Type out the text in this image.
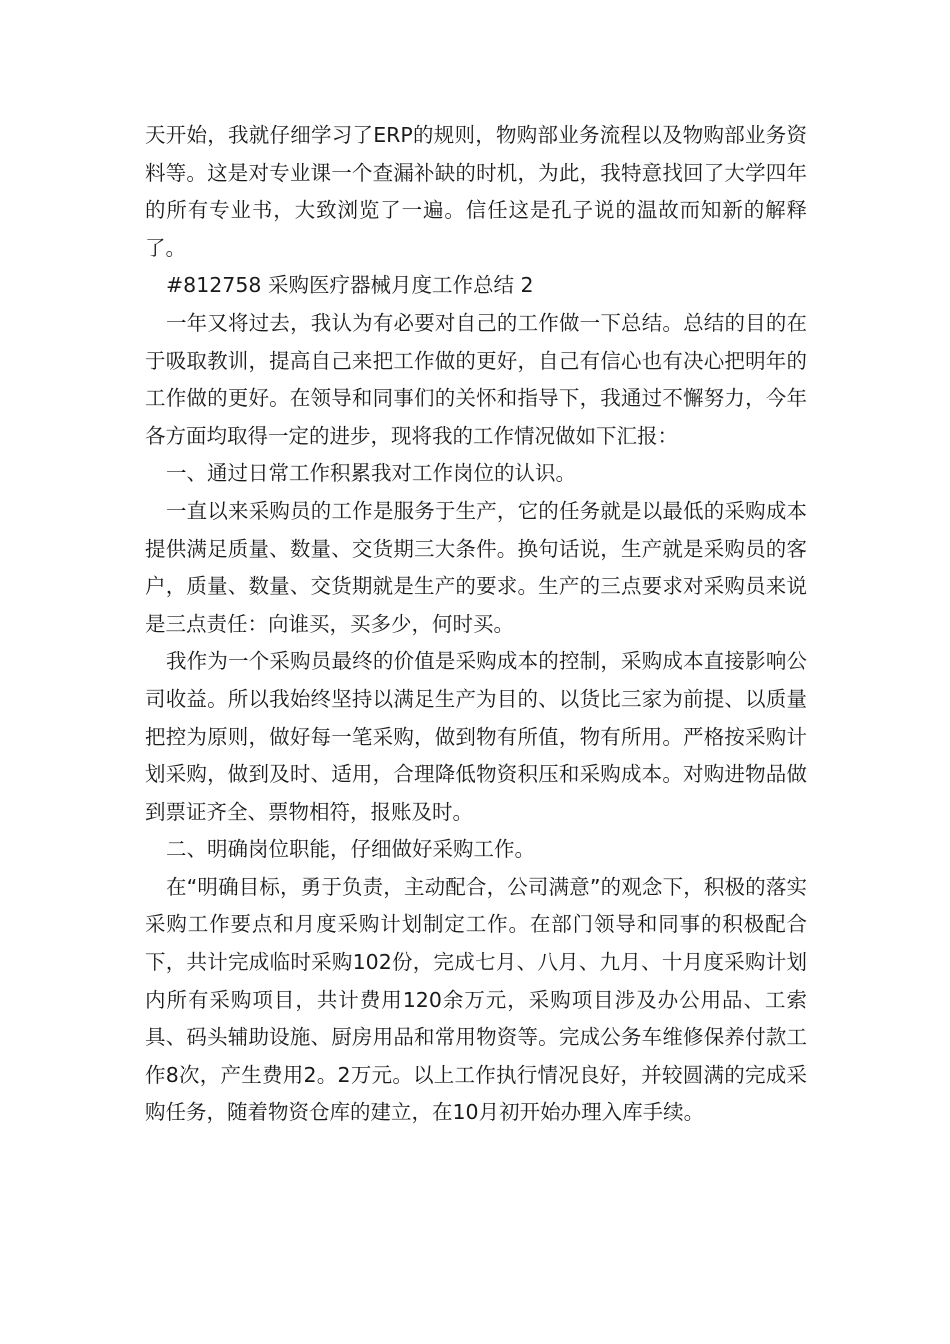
天开始，我就仔细学习了ERP的规则，物购部业务流程以及物购部业务资料等。这是对专业课一个查漏补缺的时机，为此，我特意找回了大学四年的所有专业书，大致浏览了一遍。信任这是孔子说的温故而知新的解释了。

#812758 采购医疗器械月度工作总结 2

一年又将过去，我认为有必要对自己的工作做一下总结。总结的目的在于吸取教训，提高自己来把工作做的更好，自己有信心也有决心把明年的工作做的更好。在领导和同事们的关怀和指导下，我通过不懈努力，今年各方面均取得一定的进步，现将我的工作情况做如下汇报：

一、通过日常工作积累我对工作岗位的认识。

一直以来采购员的工作是服务于生产，它的任务就是以最低的采购成本提供满足质量、数量、交货期三大条件。换句话说，生产就是采购员的客户，质量、数量、交货期就是生产的要求。生产的三点要求对采购员来说是三点责任：向谁买，买多少，何时买。

我作为一个采购员最终的价值是采购成本的控制，采购成本直接影响公司收益。所以我始终坚持以满足生产为目的、以货比三家为前提、以质量把控为原则，做好每一笔采购，做到物有所值，物有所用。严格按采购计划采购，做到及时、适用，合理降低物资积压和采购成本。对购进物品做到票证齐全、票物相符，报账及时。

二、明确岗位职能，仔细做好采购工作。

在“明确目标，勇于负责，主动配合，公司满意”的观念下，积极的落实采购工作要点和月度采购计划制定工作。在部门领导和同事的积极配合下，共计完成临时采购102份，完成七月、八月、九月、十月度采购计划内所有采购项目，共计费用120余万元，采购项目涉及办公用品、工索具、码头辅助设施、厨房用品和常用物资等。完成公务车维修保养付款工作8次，产生费用2。2万元。以上工作执行情况良好，并较圆满的完成采购任务，随着物资仓库的建立，在10月初开始办理入库手续。
